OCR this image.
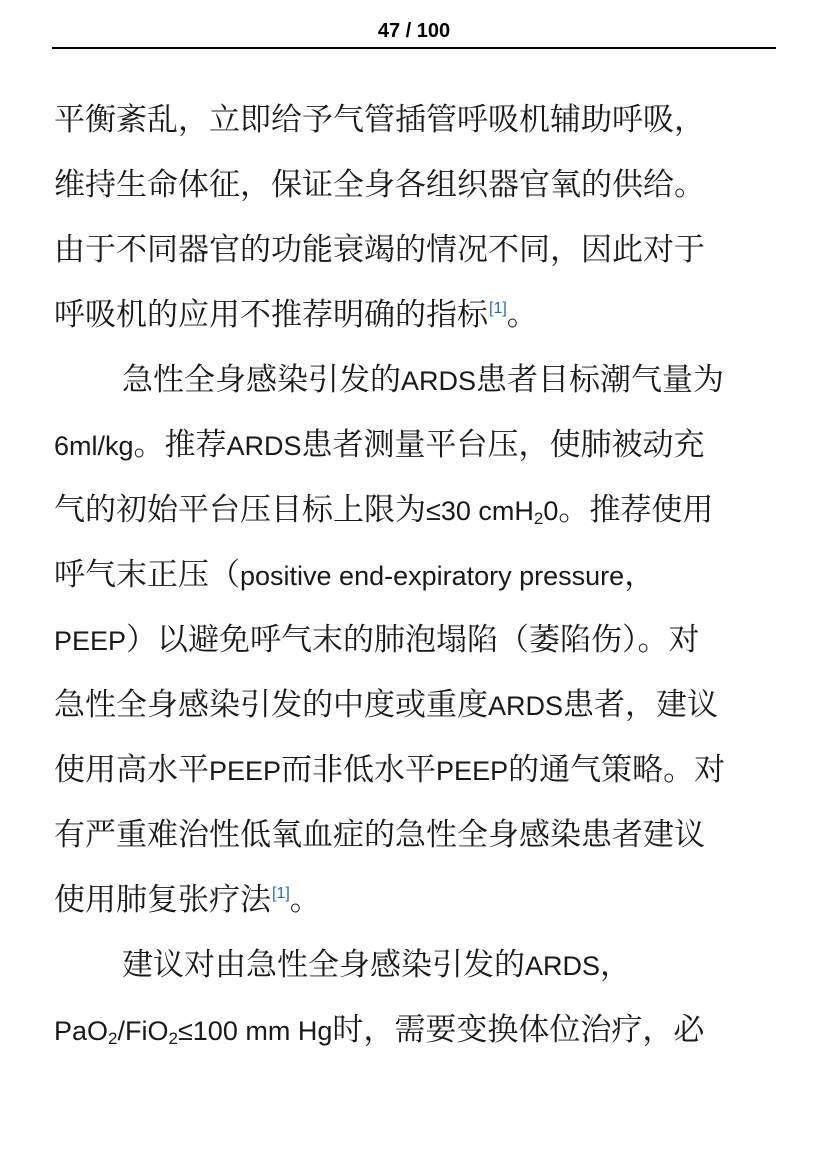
47 / 100
平衡紊乱，立即给予气管插管呼吸机辅助呼吸，
维持生命体征，保证全身各组织器官氧的供给。
由于不同器官的功能衰竭的情况不同，因此对于
呼吸机的应用不推荐明确的指标[1]。
急性全身感染引发的ARDS患者目标潮气量为
6ml/kg。推荐ARDS患者测量平台压，使肺被动充
气的初始平台压目标上限为≤30 cmH$_2$0。推荐使用
呼气末正压（positive end-expiratory pressure，
PEEP）以避免呼气末的肺泡塌陷（萎陷伤）。对
急性全身感染引发的中度或重度ARDS患者，建议
使用高水平PEEP而非低水平PEEP的通气策略。对
有严重难治性低氧血症的急性全身感染患者建议
使用肺复张疗法[1]。
建议对由急性全身感染引发的ARDS，
PaO$_2$/FiO$_2$≤100 mm Hg时，需要变换体位治疗，必
